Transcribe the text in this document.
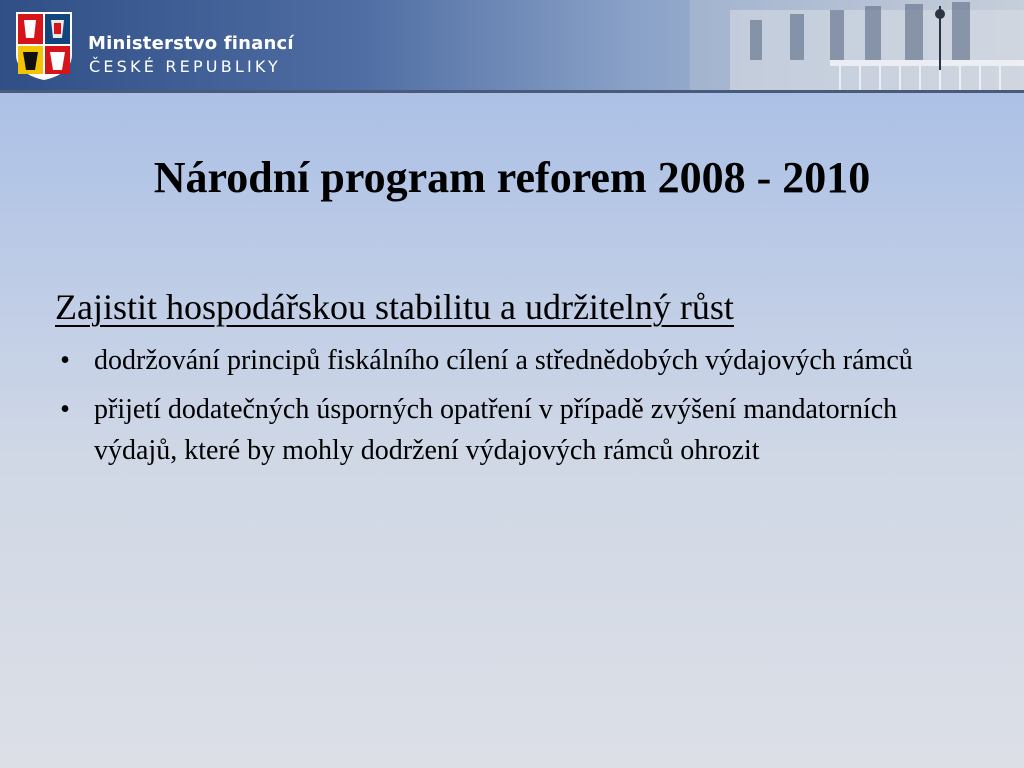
Ministerstvo financí
ČESKÉ REPUBLIKY
Národní program reforem 2008 - 2010
Zajistit hospodářskou stabilitu a udržitelný růst
• dodržování principů fiskálního cílení a střednědobých výdajových rámců
• přijetí dodatečných úsporných opatření v případě zvýšení mandatorních výdajů, které by mohly dodržení výdajových rámců ohrozit
